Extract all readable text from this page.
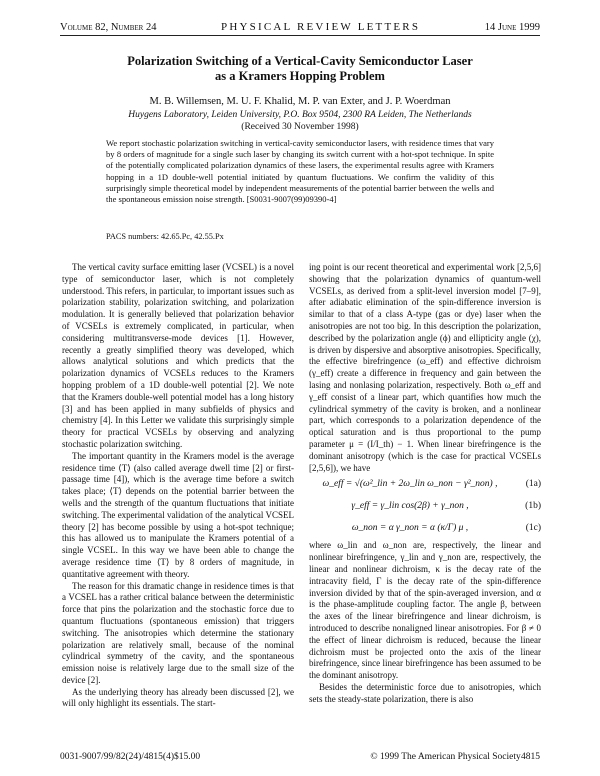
Volume 82, Number 24	PHYSICAL REVIEW LETTERS	14 June 1999
Polarization Switching of a Vertical-Cavity Semiconductor Laser
as a Kramers Hopping Problem
M. B. Willemsen, M. U. F. Khalid, M. P. van Exter, and J. P. Woerdman
Huygens Laboratory, Leiden University, P.O. Box 9504, 2300 RA Leiden, The Netherlands
(Received 30 November 1998)
We report stochastic polarization switching in vertical-cavity semiconductor lasers, with residence times that vary by 8 orders of magnitude for a single such laser by changing its switch current with a hot-spot technique. In spite of the potentially complicated polarization dynamics of these lasers, the experimental results agree with Kramers hopping in a 1D double-well potential initiated by quantum fluctuations. We confirm the validity of this surprisingly simple theoretical model by independent measurements of the potential barrier between the wells and the spontaneous emission noise strength. [S0031-9007(99)09390-4]
PACS numbers: 42.65.Pc, 42.55.Px

The vertical cavity surface emitting laser (VCSEL) is a novel type of semiconductor laser, which is not completely understood. This refers, in particular, to important issues such as polarization stability, polarization switching, and polarization modulation. It is generally believed that polarization behavior of VCSELs is extremely complicated, in particular, when considering multitransverse-mode devices [1]. However, recently a greatly simplified theory was developed, which allows analytical solutions and which predicts that the polarization dynamics of VCSELs reduces to the Kramers hopping problem of a 1D double-well potential [2]. We note that the Kramers double-well potential model has a long history [3] and has been applied in many subfields of physics and chemistry [4]. In this Letter we validate this surprisingly simple theory for practical VCSELs by observing and analyzing stochastic polarization switching.

The important quantity in the Kramers model is the average residence time ⟨T⟩ (also called average dwell time [2] or first-passage time [4]), which is the average time before a switch takes place; ⟨T⟩ depends on the potential barrier between the wells and the strength of the quantum fluctuations that initiate switching. The experimental validation of the analytical VCSEL theory [2] has become possible by using a hot-spot technique; this has allowed us to manipulate the Kramers potential of a single VCSEL. In this way we have been able to change the average residence time ⟨T⟩ by 8 orders of magnitude, in quantitative agreement with theory.

The reason for this dramatic change in residence times is that a VCSEL has a rather critical balance between the deterministic force that pins the polarization and the stochastic force due to quantum fluctuations (spontaneous emission) that triggers switching. The anisotropies which determine the stationary polarization are relatively small, because of the nominal cylindrical symmetry of the cavity, and the spontaneous emission noise is relatively large due to the small size of the device [2].

As the underlying theory has already been discussed [2], we will only highlight its essentials. The start-

ing point is our recent theoretical and experimental work [2,5,6] showing that the polarization dynamics of quantum-well VCSELs, as derived from a split-level inversion model [7–9], after adiabatic elimination of the spin-difference inversion is similar to that of a class A-type (gas or dye) laser when the anisotropies are not too big. In this description the polarization, described by the polarization angle (ϕ) and ellipticity angle (χ), is driven by dispersive and absorptive anisotropies. Specifically, the effective birefringence (ω_eff) and effective dichroism (γ_eff) create a difference in frequency and gain between the lasing and nonlasing polarization, respectively. Both ω_eff and γ_eff consist of a linear part, which quantifies how much the cylindrical symmetry of the cavity is broken, and a nonlinear part, which corresponds to a polarization dependence of the optical saturation and is thus proportional to the pump parameter μ = (I/I_th) − 1. When linear birefringence is the dominant anisotropy (which is the case for practical VCSELs [2,5,6]), we have

ω_eff = √(ω²_lin + 2ω_lin ω_non − γ²_non) ,	(1a)
γ_eff = γ_lin cos(2β) + γ_non ,	(1b)
ω_non = α γ_non = α (κ/Γ) μ ,	(1c)

where ω_lin and ω_non are, respectively, the linear and nonlinear birefringence, γ_lin and γ_non are, respectively, the linear and nonlinear dichroism, κ is the decay rate of the intracavity field, Γ is the decay rate of the spin-difference inversion divided by that of the spin-averaged inversion, and α is the phase-amplitude coupling factor. The angle β, between the axes of the linear birefringence and linear dichroism, is introduced to describe nonaligned linear anisotropies. For β ≠ 0 the effect of linear dichroism is reduced, because the linear dichroism must be projected onto the axis of the linear birefringence, since linear birefringence has been assumed to be the dominant anisotropy.

Besides the deterministic force due to anisotropies, which sets the steady-state polarization, there is also

0031-9007/99/82(24)/4815(4)$15.00	© 1999 The American Physical Society 4815
